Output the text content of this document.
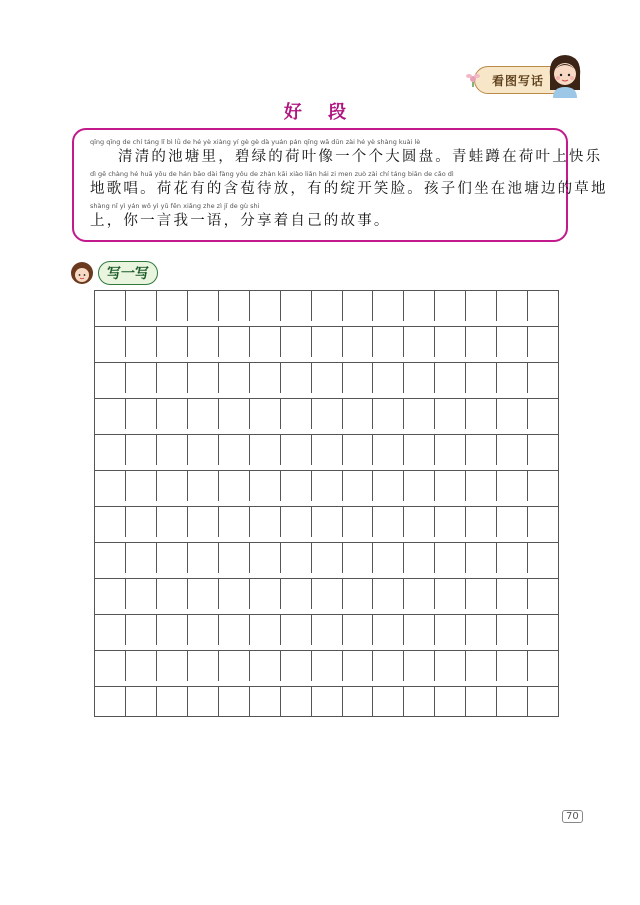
看图写话
好 段
qīng qīng de chí táng lǐ bì lǜ de hé yè xiàng yí gè gè dà yuán pán qīng wā dūn zài hé yè shàng kuài lè
清清的池塘里，碧绿的荷叶像一个个大圆盘。青蛙蹲在荷叶上快乐
dì gē chàng hé huā yǒu de hán bāo dài fàng yǒu de zhàn kāi xiào liǎn hái zi men zuò zài chí táng biān de cǎo dì
地歌唱。荷花有的含苞待放，有的绽开笑脸。孩子们坐在池塘边的草地
shàng nǐ yì yán wǒ yì yǔ fēn xiǎng zhe zì jǐ de gù shi
上，你一言我一语，分享着自己的故事。
写一写
70
